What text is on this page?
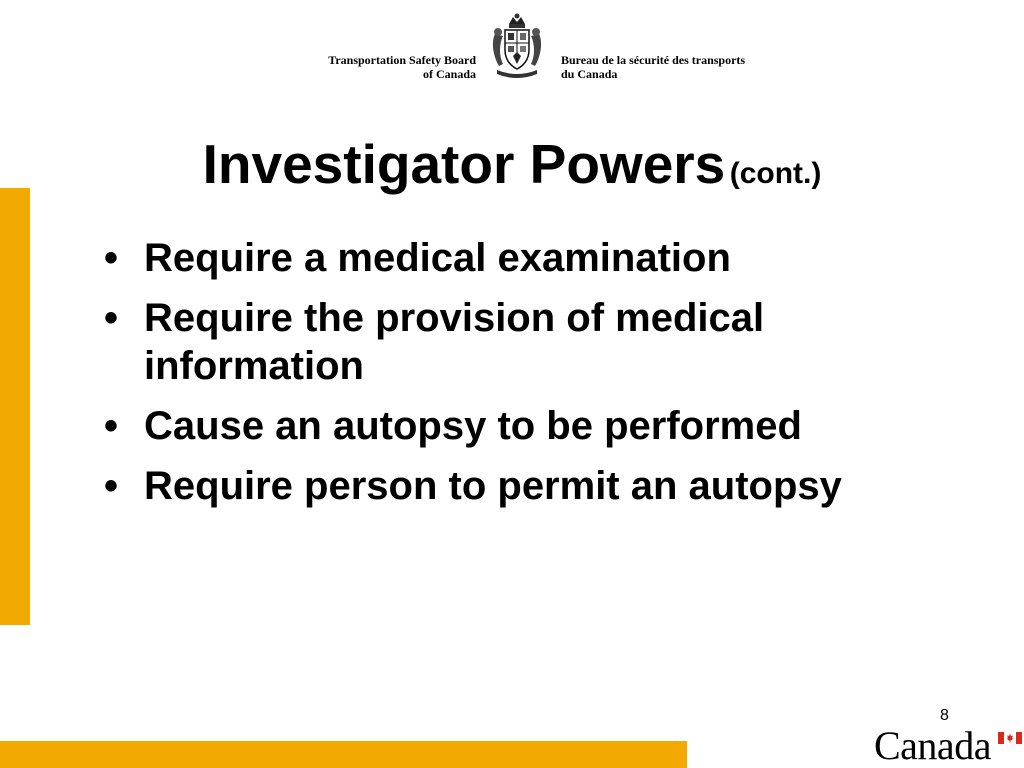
Transportation Safety Board
of Canada
Bureau de la sécurité des transports
du Canada
Investigator Powers (cont.)
• Require a medical examination
• Require the provision of medical information
• Cause an autopsy to be performed
• Require person to permit an autopsy
8
Canada
